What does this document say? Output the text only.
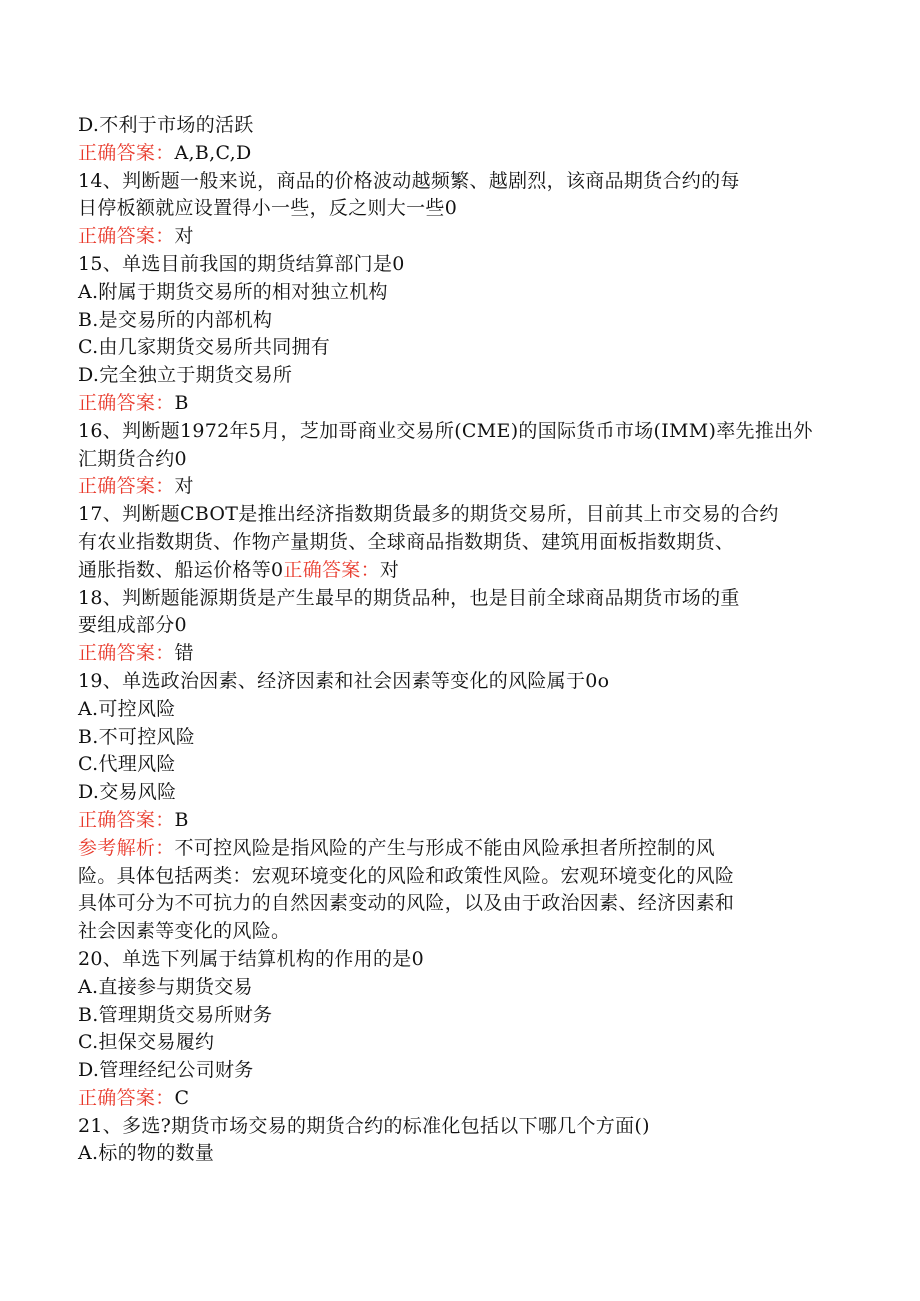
D.不利于市场的活跃
正确答案：A,B,C,D
14、判断题一般来说，商品的价格波动越频繁、越剧烈，该商品期货合约的每
日停板额就应设置得小一些，反之则大一些0
正确答案：对
15、单选目前我国的期货结算部门是0
A.附属于期货交易所的相对独立机构
B.是交易所的内部机构
C.由几家期货交易所共同拥有
D.完全独立于期货交易所
正确答案：B
16、判断题1972年5月，芝加哥商业交易所(CME)的国际货币市场(IMM)率先推出外
汇期货合约0
正确答案：对
17、判断题CBOT是推出经济指数期货最多的期货交易所，目前其上市交易的合约
有农业指数期货、作物产量期货、全球商品指数期货、建筑用面板指数期货、
通胀指数、船运价格等0正确答案：对
18、判断题能源期货是产生最早的期货品种，也是目前全球商品期货市场的重
要组成部分0
正确答案：错
19、单选政治因素、经济因素和社会因素等变化的风险属于0o
A.可控风险
B.不可控风险
C.代理风险
D.交易风险
正确答案：B
参考解析：不可控风险是指风险的产生与形成不能由风险承担者所控制的风
险。具体包括两类：宏观环境变化的风险和政策性风险。宏观环境变化的风险
具体可分为不可抗力的自然因素变动的风险，以及由于政治因素、经济因素和
社会因素等变化的风险。
20、单选下列属于结算机构的作用的是0
A.直接参与期货交易
B.管理期货交易所财务
C.担保交易履约
D.管理经纪公司财务
正确答案：C
21、多选?期货市场交易的期货合约的标准化包括以下哪几个方面()
A.标的物的数量
